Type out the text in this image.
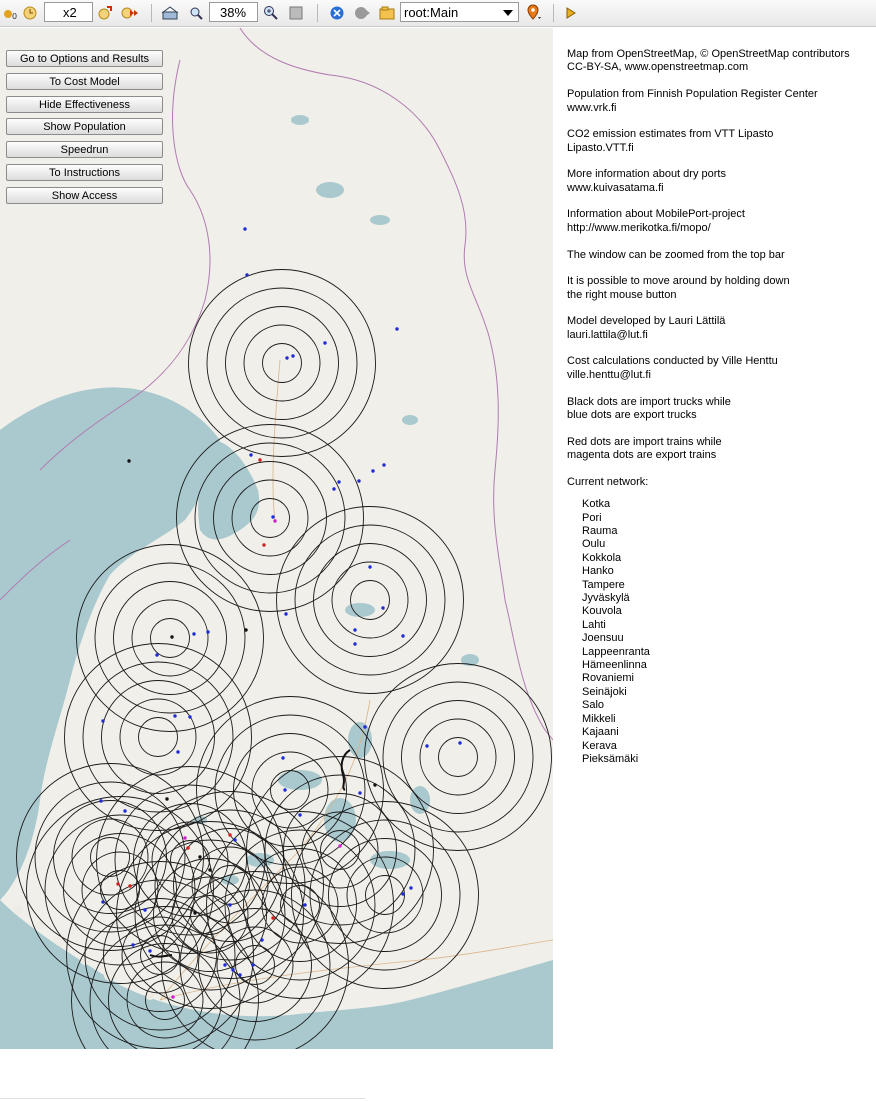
0	x2	38%	root:Main
Go to Options and Results
To Cost Model
Hide Effectiveness
Show Population
Speedrun
To Instructions
Show Access

Map from OpenStreetMap, © OpenStreetMap contributors
CC-BY-SA, www.openstreetmap.com

Population from Finnish Population Register Center
www.vrk.fi

CO2 emission estimates from VTT Lipasto
Lipasto.VTT.fi

More information about dry ports
www.kuivasatama.fi

Information about MobilePort-project
http://www.merikotka.fi/mopo/

The window can be zoomed from the top bar

It is possible to move around by holding down
the right mouse button

Model developed by Lauri Lättilä
lauri.lattila@lut.fi

Cost calculations conducted by Ville Henttu
ville.henttu@lut.fi

Black dots are import trucks while
blue dots are export trucks

Red dots are import trains while
magenta dots are export trains

Current network:

Kotka
Pori
Rauma
Oulu
Kokkola
Hanko
Tampere
Jyväskylä
Kouvola
Lahti
Joensuu
Lappeenranta
Hämeenlinna
Rovaniemi
Seinäjoki
Salo
Mikkeli
Kajaani
Kerava
Pieksämäki
